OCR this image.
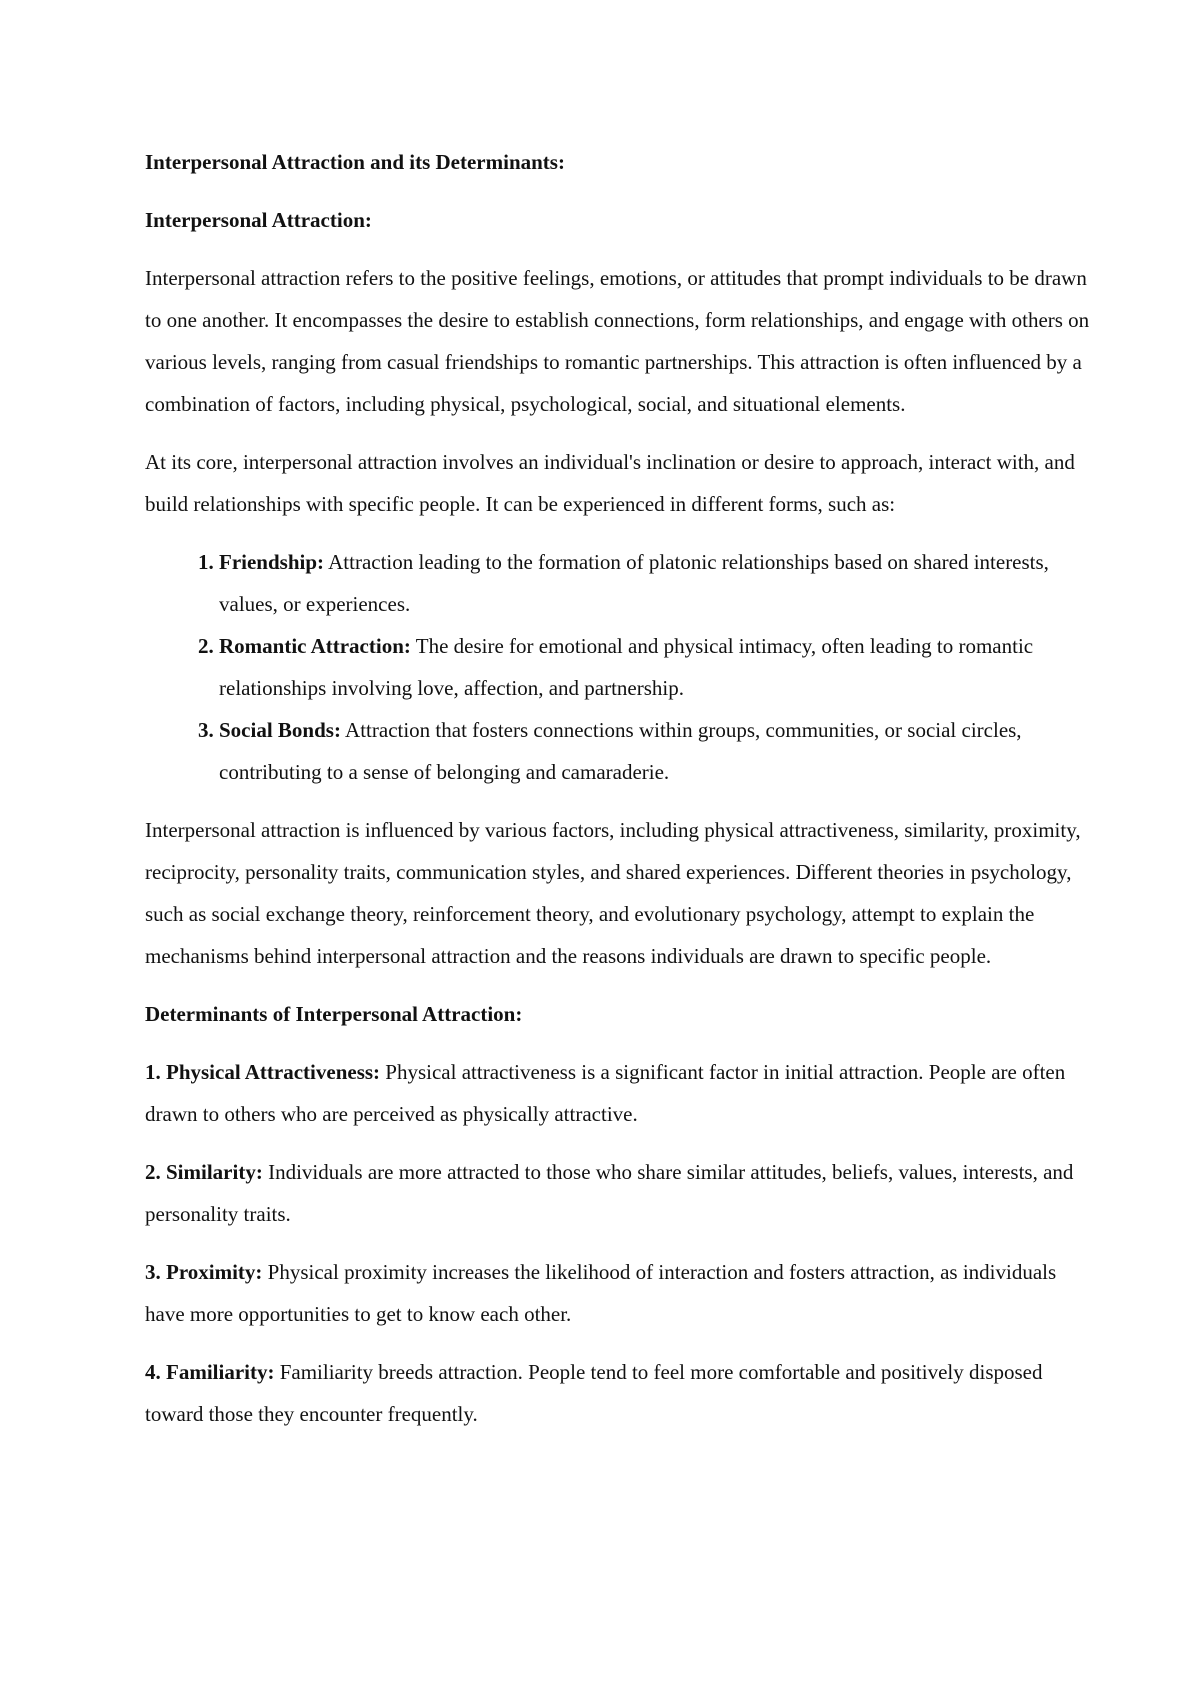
Interpersonal Attraction and its Determinants:

Interpersonal Attraction:

Interpersonal attraction refers to the positive feelings, emotions, or attitudes that prompt individuals to be drawn to one another. It encompasses the desire to establish connections, form relationships, and engage with others on various levels, ranging from casual friendships to romantic partnerships. This attraction is often influenced by a combination of factors, including physical, psychological, social, and situational elements.

At its core, interpersonal attraction involves an individual's inclination or desire to approach, interact with, and build relationships with specific people. It can be experienced in different forms, such as:

1. Friendship: Attraction leading to the formation of platonic relationships based on shared interests, values, or experiences.
2. Romantic Attraction: The desire for emotional and physical intimacy, often leading to romantic relationships involving love, affection, and partnership.
3. Social Bonds: Attraction that fosters connections within groups, communities, or social circles, contributing to a sense of belonging and camaraderie.

Interpersonal attraction is influenced by various factors, including physical attractiveness, similarity, proximity, reciprocity, personality traits, communication styles, and shared experiences. Different theories in psychology, such as social exchange theory, reinforcement theory, and evolutionary psychology, attempt to explain the mechanisms behind interpersonal attraction and the reasons individuals are drawn to specific people.

Determinants of Interpersonal Attraction:

1. Physical Attractiveness: Physical attractiveness is a significant factor in initial attraction. People are often drawn to others who are perceived as physically attractive.

2. Similarity: Individuals are more attracted to those who share similar attitudes, beliefs, values, interests, and personality traits.

3. Proximity: Physical proximity increases the likelihood of interaction and fosters attraction, as individuals have more opportunities to get to know each other.

4. Familiarity: Familiarity breeds attraction. People tend to feel more comfortable and positively disposed toward those they encounter frequently.
